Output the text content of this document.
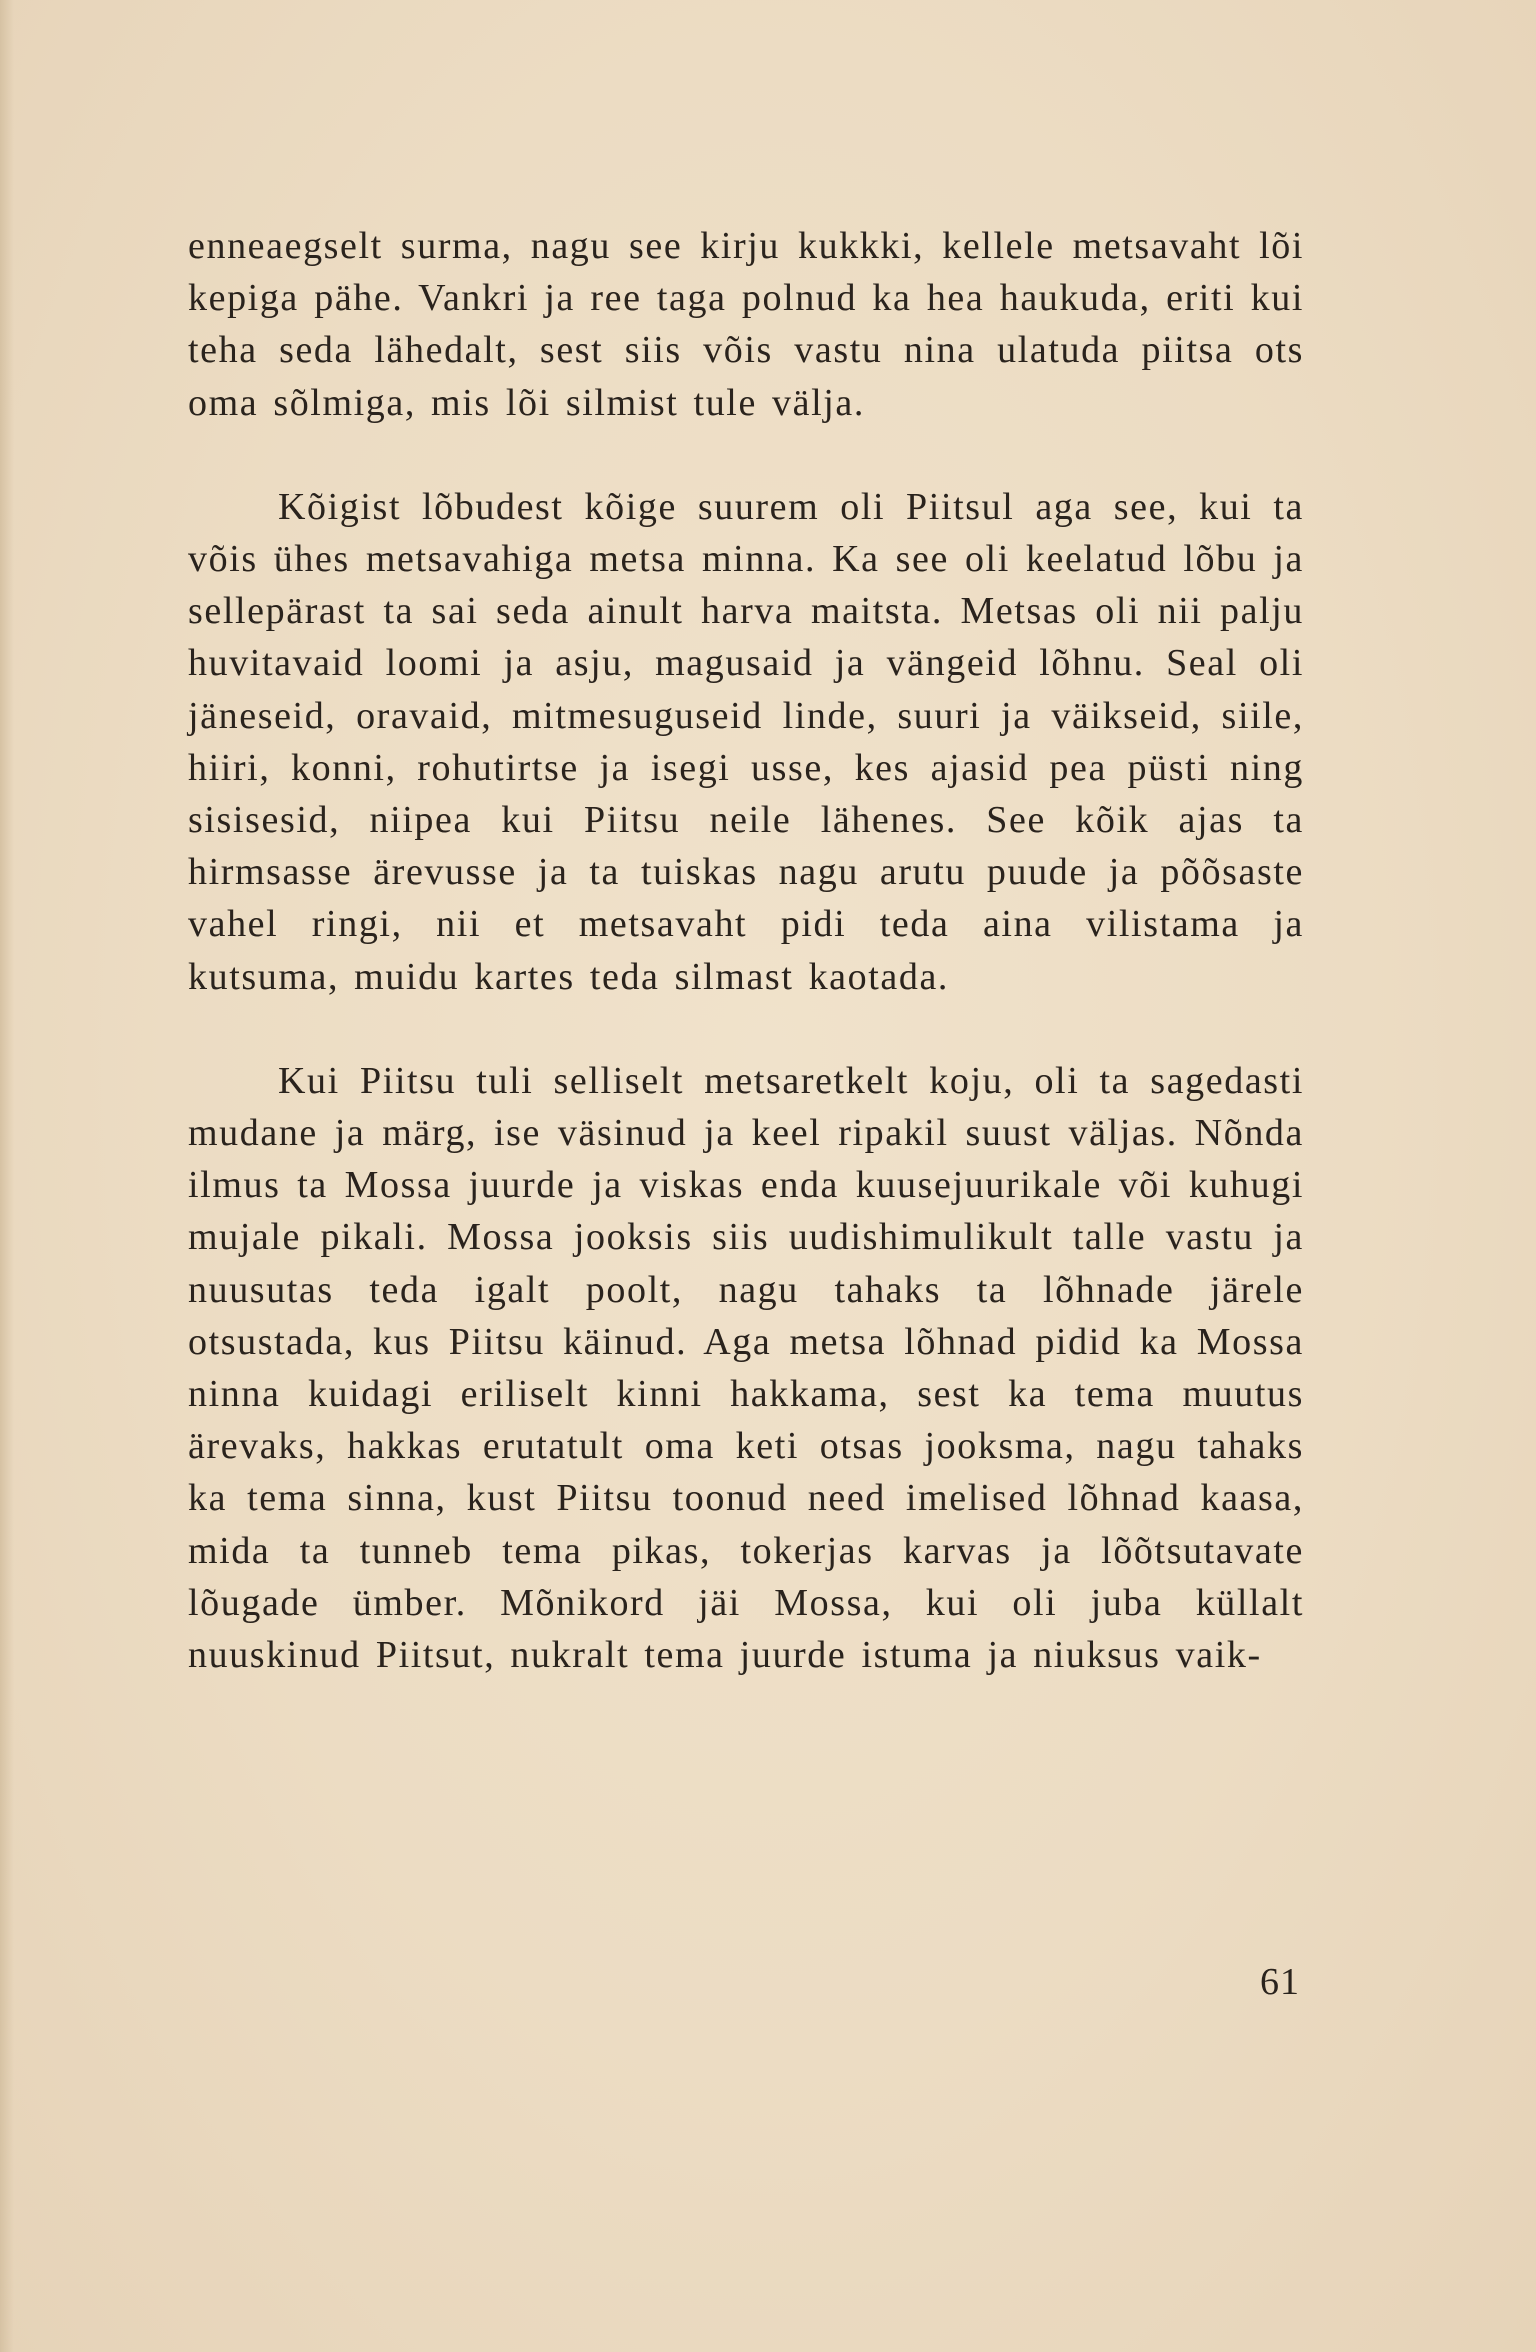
enneaegselt surma, nagu see kirju kukkki, kellele metsavaht lõi kepiga pähe. Vankri ja ree taga polnud ka hea haukuda, eriti kui teha seda lähedalt, sest siis võis vastu nina ulatuda piitsa ots oma sõlmiga, mis lõi silmist tule välja.

Kõigist lõbudest kõige suurem oli Piitsul aga see, kui ta võis ühes metsavahiga metsa minna. Ka see oli keelatud lõbu ja sellepärast ta sai seda ainult harva maitsta. Metsas oli nii palju huvitavaid loomi ja asju, magusaid ja vängeid lõhnu. Seal oli jäneseid, oravaid, mitmesuguseid linde, suuri ja väikseid, siile, hiiri, konni, rohutirtse ja isegi usse, kes ajasid pea püsti ning sisisesid, niipea kui Piitsu neile lähenes. See kõik ajas ta hirmsasse ärevusse ja ta tuiskas nagu arutu puude ja põõsaste vahel ringi, nii et metsavaht pidi teda aina vilistama ja kutsuma, muidu kartes teda silmast kaotada.

Kui Piitsu tuli selliselt metsaretkelt koju, oli ta sagedasti mudane ja märg, ise väsinud ja keel ripakil suust väljas. Nõnda ilmus ta Mossa juurde ja viskas enda kuusejuurikale või kuhugi mujale pikali. Mossa jooksis siis uudishimulikult talle vastu ja nuusutas teda igalt poolt, nagu tahaks ta lõhnade järele otsustada, kus Piitsu käinud. Aga metsa lõhnad pidid ka Mossa ninna kuidagi eriliselt kinni hakkama, sest ka tema muutus ärevaks, hakkas erutatult oma keti otsas jooksma, nagu tahaks ka tema sinna, kust Piitsu toonud need imelised lõhnad kaasa, mida ta tunneb tema pikas, tokerjas karvas ja lõõtsutavate lõugade ümber. Mõnikord jäi Mossa, kui oli juba küllalt nuuskinud Piitsut, nukralt tema juurde istuma ja niuksus vaik-

61
